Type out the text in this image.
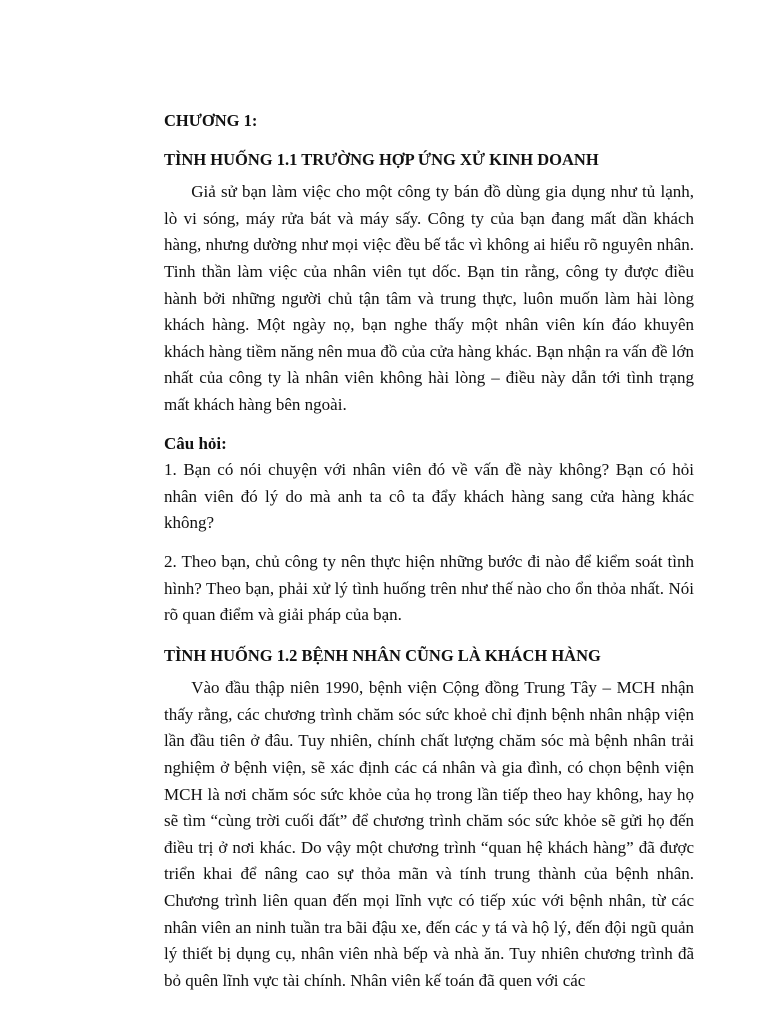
CHƯƠNG 1:

TÌNH HUỐNG 1.1 TRƯỜNG HỢP ỨNG XỬ KINH DOANH

Giả sử bạn làm việc cho một công ty bán đồ dùng gia dụng như tủ lạnh, lò vi sóng, máy rửa bát và máy sấy. Công ty của bạn đang mất dần khách hàng, nhưng dường như mọi việc đều bế tắc vì không ai hiểu rõ nguyên nhân. Tinh thần làm việc của nhân viên tụt dốc. Bạn tin rằng, công ty được điều hành bởi những người chủ tận tâm và trung thực, luôn muốn làm hài lòng khách hàng. Một ngày nọ, bạn nghe thấy một nhân viên kín đáo khuyên khách hàng tiềm năng nên mua đồ của cửa hàng khác. Bạn nhận ra vấn đề lớn nhất của công ty là nhân viên không hài lòng – điều này dẫn tới tình trạng mất khách hàng bên ngoài.

Câu hỏi:

1. Bạn có nói chuyện với nhân viên đó về vấn đề này không? Bạn có hỏi nhân viên đó lý do mà anh ta cô ta đẩy khách hàng sang cửa hàng khác không?

2. Theo bạn, chủ công ty nên thực hiện những bước đi nào để kiểm soát tình hình? Theo bạn, phải xử lý tình huống trên như thế nào cho ổn thỏa nhất. Nói rõ quan điểm và giải pháp của bạn.

TÌNH HUỐNG 1.2 BỆNH NHÂN CŨNG LÀ KHÁCH HÀNG

Vào đầu thập niên 1990, bệnh viện Cộng đồng Trung Tây – MCH nhận thấy rằng, các chương trình chăm sóc sức khoẻ chỉ định bệnh nhân nhập viện lần đầu tiên ở đâu. Tuy nhiên, chính chất lượng chăm sóc mà bệnh nhân trải nghiệm ở bệnh viện, sẽ xác định các cá nhân và gia đình, có chọn bệnh viện MCH là nơi chăm sóc sức khỏe của họ trong lần tiếp theo hay không, hay họ sẽ tìm “cùng trời cuối đất” để chương trình chăm sóc sức khỏe sẽ gửi họ đến điều trị ở nơi khác. Do vậy một chương trình “quan hệ khách hàng” đã được triển khai để nâng cao sự thỏa mãn và tính trung thành của bệnh nhân. Chương trình liên quan đến mọi lĩnh vực có tiếp xúc với bệnh nhân, từ các nhân viên an ninh tuần tra bãi đậu xe, đến các y tá và hộ lý, đến đội ngũ quản lý thiết bị dụng cụ, nhân viên nhà bếp và nhà ăn. Tuy nhiên chương trình đã bỏ quên lĩnh vực tài chính. Nhân viên kế toán đã quen với các
